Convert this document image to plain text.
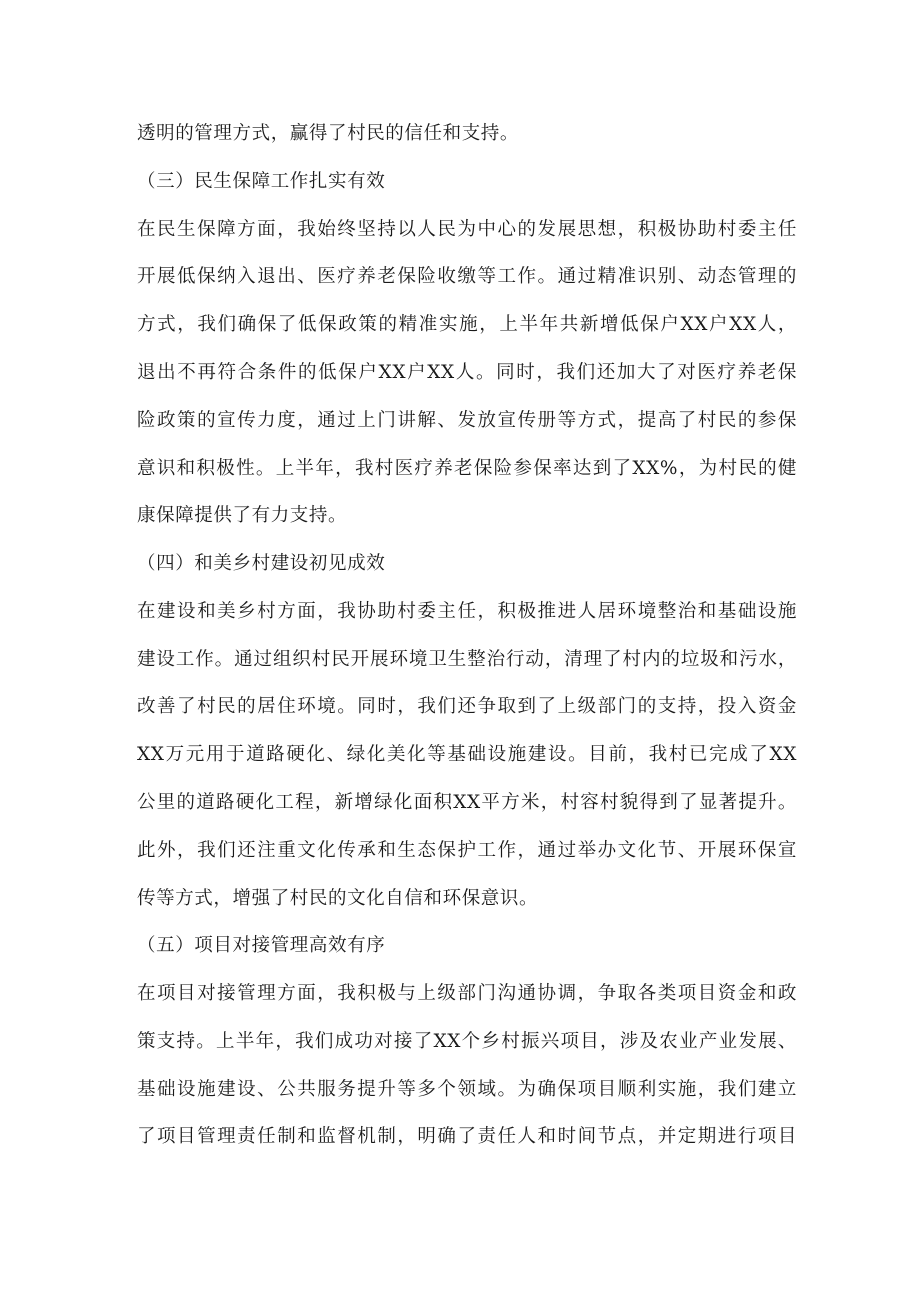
透明的管理方式，赢得了村民的信任和支持。
（三）民生保障工作扎实有效
在民生保障方面，我始终坚持以人民为中心的发展思想，积极协助村委主任
开展低保纳入退出、医疗养老保险收缴等工作。通过精准识别、动态管理的
方式，我们确保了低保政策的精准实施，上半年共新增低保户XX户XX人，
退出不再符合条件的低保户XX户XX人。同时，我们还加大了对医疗养老保
险政策的宣传力度，通过上门讲解、发放宣传册等方式，提高了村民的参保
意识和积极性。上半年，我村医疗养老保险参保率达到了XX%，为村民的健
康保障提供了有力支持。
（四）和美乡村建设初见成效
在建设和美乡村方面，我协助村委主任，积极推进人居环境整治和基础设施
建设工作。通过组织村民开展环境卫生整治行动，清理了村内的垃圾和污水，
改善了村民的居住环境。同时，我们还争取到了上级部门的支持，投入资金
XX万元用于道路硬化、绿化美化等基础设施建设。目前，我村已完成了XX
公里的道路硬化工程，新增绿化面积XX平方米，村容村貌得到了显著提升。
此外，我们还注重文化传承和生态保护工作，通过举办文化节、开展环保宣
传等方式，增强了村民的文化自信和环保意识。
（五）项目对接管理高效有序
在项目对接管理方面，我积极与上级部门沟通协调，争取各类项目资金和政
策支持。上半年，我们成功对接了XX个乡村振兴项目，涉及农业产业发展、
基础设施建设、公共服务提升等多个领域。为确保项目顺利实施，我们建立
了项目管理责任制和监督机制，明确了责任人和时间节点，并定期进行项目
